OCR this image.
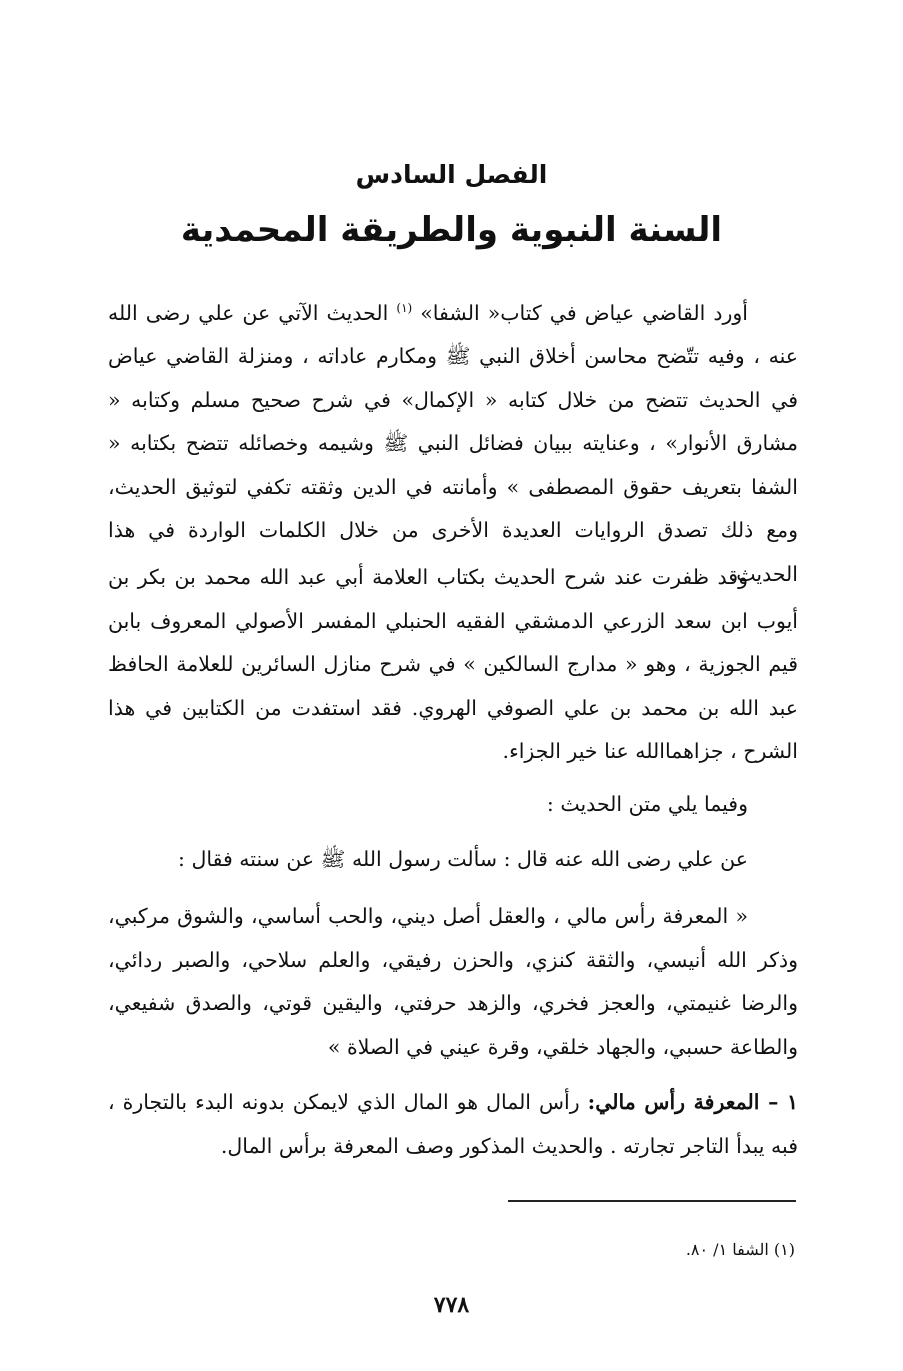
الفصل السادس
السنة النبوية والطريقة المحمدية

أورد القاضي عياض في كتاب« الشفا» $^{(١)}$ الحديث الآتي عن علي رضى الله عنه ، وفيه تتّضح محاسن أخلاق النبي ﷺ ومكارم عاداته ، ومنزلة القاضي عياض في الحديث تتضح من خلال كتابه « الإكمال» في شرح صحيح مسلم وكتابه « مشارق الأنوار» ، وعنايته ببيان فضائل النبي ﷺ وشيمه وخصائله تتضح بكتابه « الشفا بتعريف حقوق المصطفى » وأمانته في الدين وثقته تكفي لتوثيق الحديث، ومع ذلك تصدق الروايات العديدة الأخرى من خلال الكلمات الواردة في هذا الحديث.

وقد ظفرت عند شرح الحديث بكتاب العلامة أبي عبد الله محمد بن بكر بن أيوب ابن سعد الزرعي الدمشقي الفقيه الحنبلي المفسر الأصولي المعروف بابن قيم الجوزية ، وهو « مدارج السالكين » في شرح منازل السائرين للعلامة الحافظ عبد الله بن محمد بن علي الصوفي الهروي. فقد استفدت من الكتابين في هذا الشرح ، جزاهماالله عنا خير الجزاء.

وفيما يلي متن الحديث :

عن علي رضى الله عنه قال : سألت رسول الله ﷺ عن سنته فقال :

« المعرفة رأس مالي ، والعقل أصل ديني، والحب أساسي، والشوق مركبي، وذكر الله أنيسي، والثقة كنزي، والحزن رفيقي، والعلم سلاحي، والصبر ردائي، والرضا غنيمتي، والعجز فخري، والزهد حرفتي، واليقين قوتي، والصدق شفيعي، والطاعة حسبي، والجهاد خلقي، وقرة عيني في الصلاة »

١ – المعرفة رأس مالي: رأس المال هو المال الذي لايمكن بدونه البدء بالتجارة ، فبه يبدأ التاجر تجارته . والحديث المذكور وصف المعرفة برأس المال.

(١) الشفا ١/ ٨٠.
٧٧٨
